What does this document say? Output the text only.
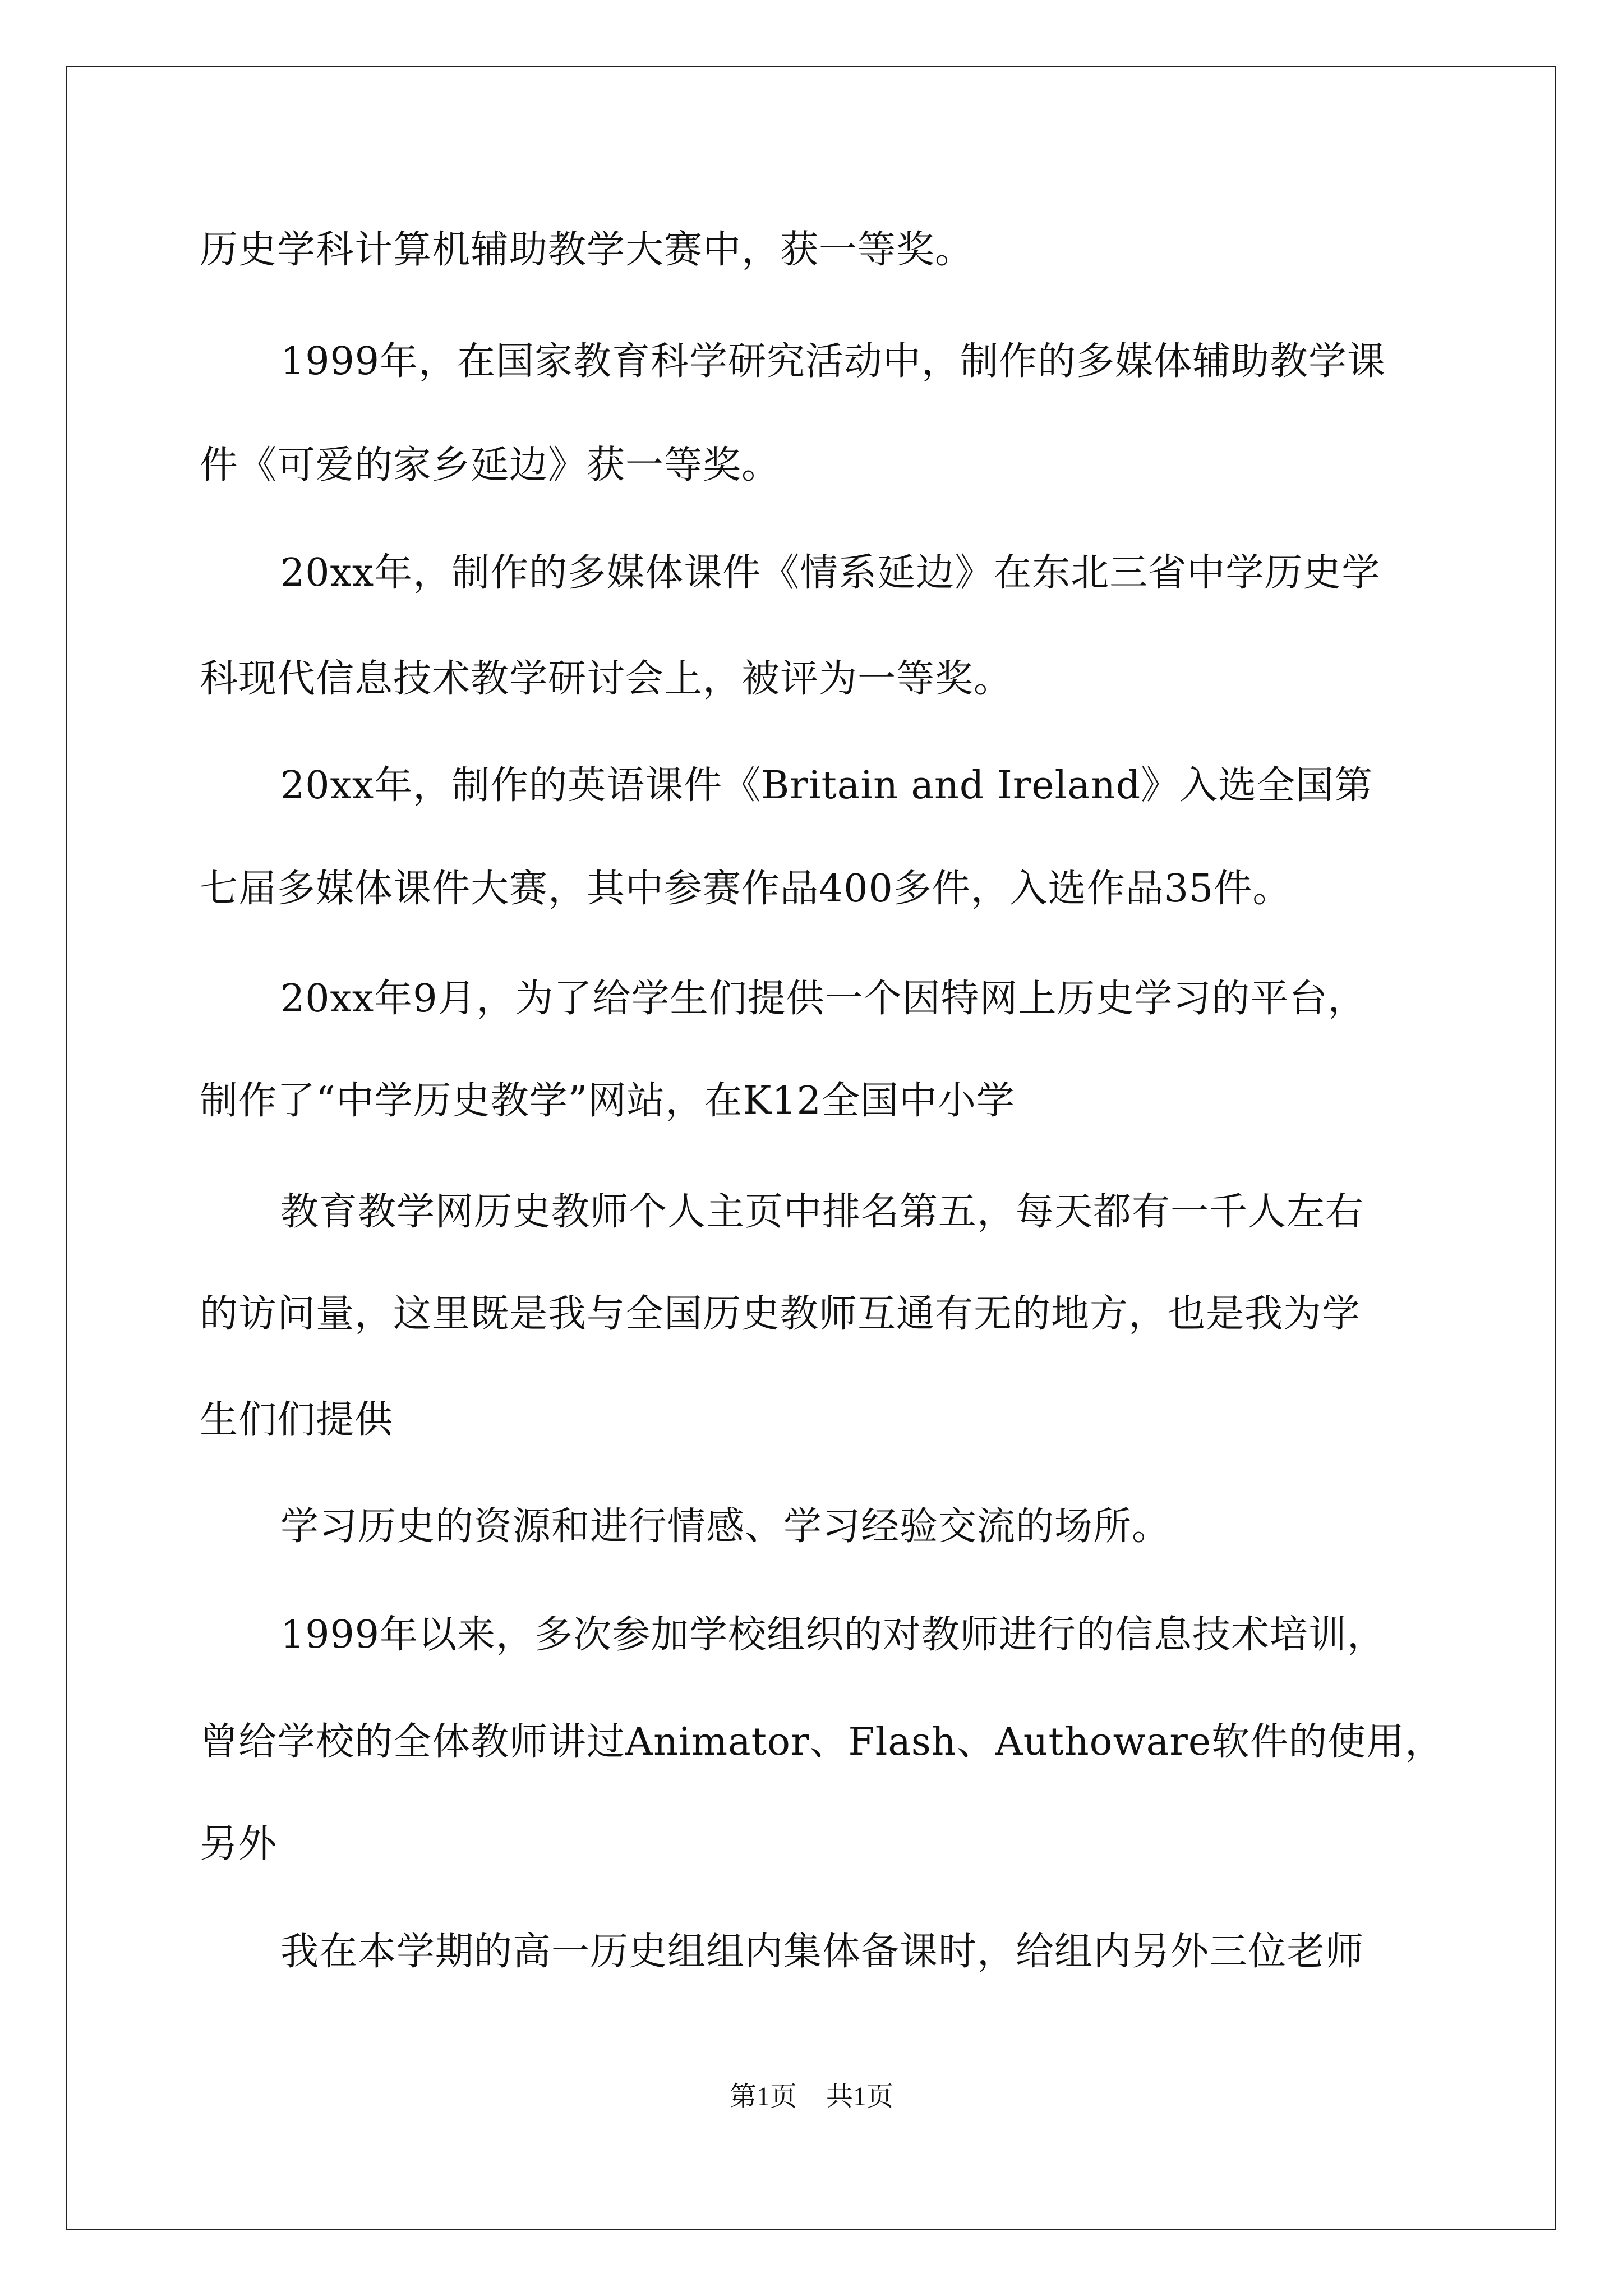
历史学科计算机辅助教学大赛中，获一等奖。
1999年，在国家教育科学研究活动中，制作的多媒体辅助教学课
件《可爱的家乡延边》获一等奖。
20xx年，制作的多媒体课件《情系延边》在东北三省中学历史学
科现代信息技术教学研讨会上，被评为一等奖。
20xx年，制作的英语课件《Britain and Ireland》入选全国第
七届多媒体课件大赛，其中参赛作品400多件，入选作品35件。
20xx年9月，为了给学生们提供一个因特网上历史学习的平台，
制作了“中学历史教学”网站，在K12全国中小学
教育教学网历史教师个人主页中排名第五，每天都有一千人左右
的访问量，这里既是我与全国历史教师互通有无的地方，也是我为学
生们们提供
学习历史的资源和进行情感、学习经验交流的场所。
1999年以来，多次参加学校组织的对教师进行的信息技术培训，
曾给学校的全体教师讲过Animator、Flash、Authoware软件的使用，
另外
我在本学期的高一历史组组内集体备课时，给组内另外三位老师
第1页 共1页
